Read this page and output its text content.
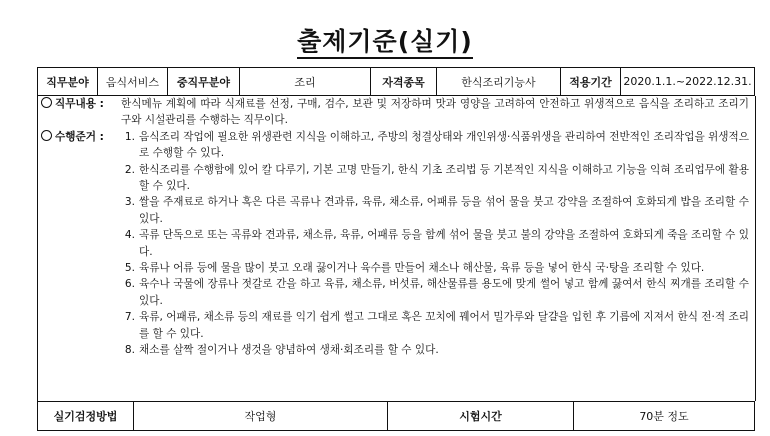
출제기준(실기)
직무분야	음식서비스	중직무분야	조리	자격종목	한식조리기능사	적용기간	2020.1.1.~2022.12.31.
직무내용 :	한식메뉴 계획에 따라 식재료를 선정, 구매, 검수, 보관 및 저장하며 맛과 영양을 고려하여 안전하고 위생적으로 음식을 조리하고 조리기구와 시설관리를 수행하는 직무이다.
수행준거 :	1. 음식조리 작업에 필요한 위생관련 지식을 이해하고, 주방의 청결상태와 개인위생·식품위생을 관리하여 전반적인 조리작업을 위생적으로 수행할 수 있다.
2. 한식조리를 수행함에 있어 칼 다루기, 기본 고명 만들기, 한식 기초 조리법 등 기본적인 지식을 이해하고 기능을 익혀 조리업무에 활용할 수 있다.
3. 쌀을 주재료로 하거나 혹은 다른 곡류나 견과류, 육류, 채소류, 어패류 등을 섞어 물을 붓고 강약을 조절하여 호화되게 밥을 조리할 수 있다.
4. 곡류 단독으로 또는 곡류와 견과류, 채소류, 육류, 어패류 등을 함께 섞어 물을 붓고 불의 강약을 조절하여 호화되게 죽을 조리할 수 있다.
5. 육류나 어류 등에 물을 많이 붓고 오래 끓이거나 육수를 만들어 채소나 해산물, 육류 등을 넣어 한식 국·탕을 조리할 수 있다.
6. 육수나 국물에 장류나 젓갈로 간을 하고 육류, 채소류, 버섯류, 해산물류를 용도에 맞게 썰어 넣고 함께 끓여서 한식 찌개를 조리할 수 있다.
7. 육류, 어패류, 채소류 등의 재료를 익기 쉽게 썰고 그대로 혹은 꼬치에 꿰어서 밀가루와 달걀을 입힌 후 기름에 지져서 한식 전·적 조리를 할 수 있다.
8. 채소를 살짝 절이거나 생것을 양념하여 생채·회조리를 할 수 있다.
실기검정방법	작업형	시험시간	70분 정도
